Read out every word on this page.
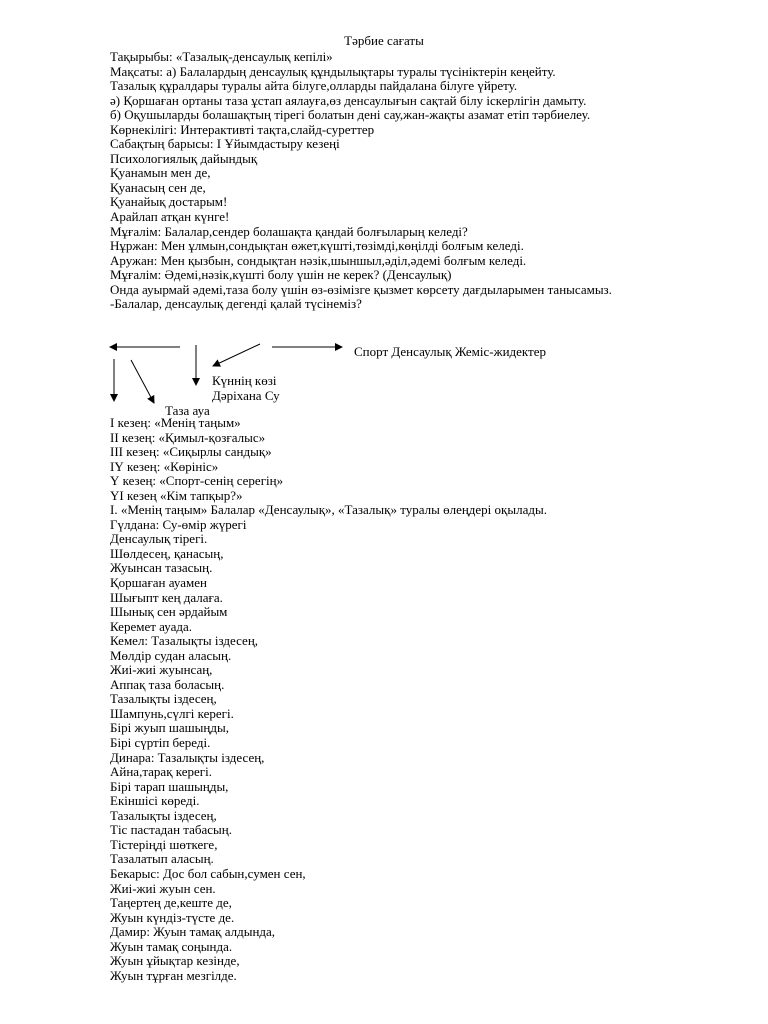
Тәрбие сағаты
Тақырыбы: «Тазалық-денсаулық кепілі»
Мақсаты: а) Балалардың денсаулық құндылықтары туралы түсініктерін кеңейту.
Тазалық құралдары туралы айта білуге,олларды пайдалана білуге үйрету.
ә) Қоршаған ортаны таза ұстап аялауға,өз денсаулығын сақтай білу іскерлігін дамыту.
б) Оқушыларды болашақтың тірегі болатын дені сау,жан-жақты азамат етіп тәрбиелеу.
Көрнекілігі: Интерактивті тақта,слайд-суреттер
Сабақтың барысы: І Ұйымдастыру кезеңі
Психологиялық дайындық
Қуанамын мен де,
Қуанасың сен де,
Қуанайық достарым!
Арайлап атқан күнге!
Мұғалім: Балалар,сендер болашақта қандай болғыларың келеді?
Нұржан: Мен ұлмын,сондықтан өжет,күшті,төзімді,көңілді болғым келеді.
Аружан: Мен қызбын, сондықтан нәзік,шыншыл,әділ,әдемі болғым келеді.
Мұғалім: Әдемі,нәзік,күшті болу үшін не керек? (Денсаулық)
Онда ауырмай әдемі,таза болу үшін өз-өзімізге қызмет көрсету дағдыларымен танысамыз.
-Балалар, денсаулық дегенді қалай түсінеміз?
Спорт Денсаулық Жеміс-жидектер
Күннің көзі
Дәріхана Су
Таза ауа
І кезең: «Менің таңым»
ІІ кезең: «Қимыл-қозғалыс»
ІІІ кезең: «Сиқырлы сандық»
ІҮ кезең: «Көрініс»
Ү кезең: «Спорт-сенің серегің»
ҮІ кезең «Кім тапқыр?»
І. «Менің таңым» Балалар «Денсаулық», «Тазалық» туралы өлеңдері оқылады.
Гүлдана: Су-өмір жүрегі
Денсаулық тірегі.
Шөлдесең, қанасың,
Жуынсан тазасың.
Қоршаған ауамен
Шығыпт кең далаға.
Шынық сен әрдайым
Керемет ауада.
Кемел: Тазалықты іздесең,
Мөлдір судан аласың.
Жиі-жиі жуынсаң,
Аппақ таза боласың.
Тазалықты іздесең,
Шампунь,сүлгі керегі.
Бірі жуып шашыңды,
Бірі сүртіп береді.
Динара: Тазалықты іздесең,
Айна,тарақ керегі.
Бірі тарап шашыңды,
Екіншісі көреді.
Тазалықты іздесең,
Тіс пастадан табасың.
Тістеріңді шөткеге,
Тазалатып аласың.
Бекарыс: Дос бол сабын,сумен сен,
Жиі-жиі жуын сен.
Таңертең де,кеште де,
Жуын күндіз-түсте де.
Дамир: Жуын тамақ алдында,
Жуын тамақ соңында.
Жуын ұйықтар кезінде,
Жуын тұрған мезгілде.
